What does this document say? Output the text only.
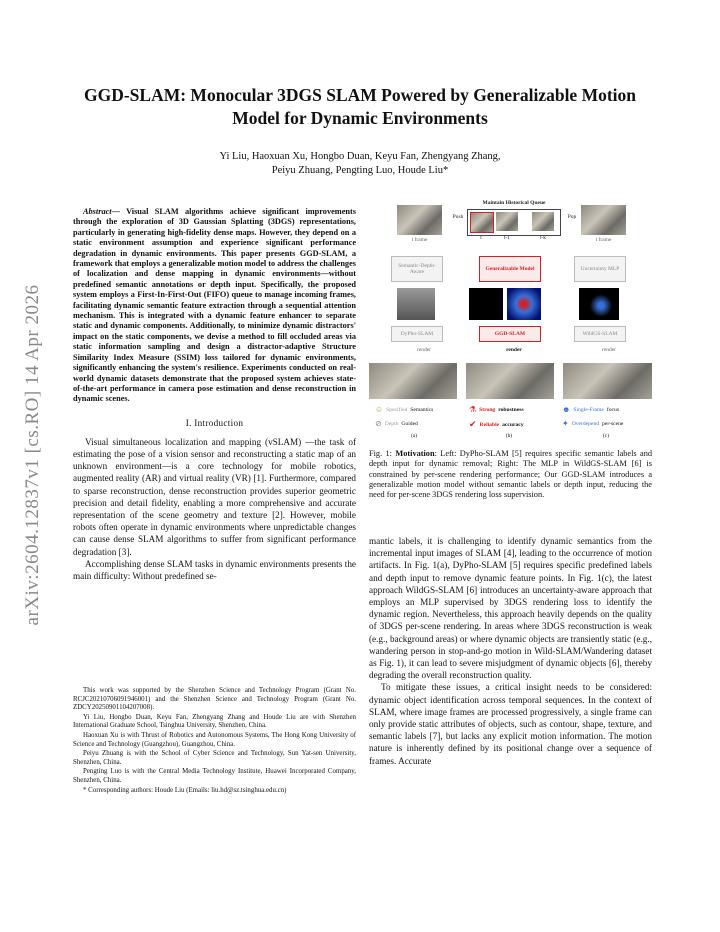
arXiv:2604.12837v1 [cs.RO] 14 Apr 2026
GGD-SLAM: Monocular 3DGS SLAM Powered by Generalizable Motion Model for Dynamic Environments
Yi Liu, Haoxuan Xu, Hongbo Duan, Keyu Fan, Zhengyang Zhang,
Peiyu Zhuang, Pengting Luo, Houde Liu*

Abstract— Visual SLAM algorithms achieve significant improvements through the exploration of 3D Gaussian Splatting (3DGS) representations, particularly in generating high-fidelity dense maps. However, they depend on a static environment assumption and experience significant performance degradation in dynamic environments. This paper presents GGD-SLAM, a framework that employs a generalizable motion model to address the challenges of localization and dense mapping in dynamic environments—without predefined semantic annotations or depth input. Specifically, the proposed system employs a First-In-First-Out (FIFO) queue to manage incoming frames, facilitating dynamic semantic feature extraction through a sequential attention mechanism. This is integrated with a dynamic feature enhancer to separate static and dynamic components. Additionally, to minimize dynamic distractors' impact on the static components, we devise a method to fill occluded areas via static information sampling and design a distractor-adaptive Structure Similarity Index Measure (SSIM) loss tailored for dynamic environments, significantly enhancing the system's resilience. Experiments conducted on real-world dynamic datasets demonstrate that the proposed system achieves state-of-the-art performance in camera pose estimation and dense reconstruction in dynamic scenes.

I. Introduction

Visual simultaneous localization and mapping (vSLAM) —the task of estimating the pose of a vision sensor and reconstructing a static map of an unknown environment—is a core technology for mobile robotics, augmented reality (AR) and virtual reality (VR) [1]. Furthermore, compared to sparse reconstruction, dense reconstruction provides superior geometric precision and detail fidelity, enabling a more comprehensive and accurate representation of the scene geometry and texture [2]. However, mobile robots often operate in dynamic environments where unpredictable changes can cause dense SLAM algorithms to suffer from significant performance degradation [3].

Accomplishing dense SLAM tasks in dynamic environments presents the main difficulty: Without predefined se-

This work was supported by the Shenzhen Science and Technology Program (Grant No. RCJC20210706091946001) and the Shenzhen Science and Technology Program (Grant No. ZDCY20250901104207008).

Yi Liu, Hongbo Duan, Keyu Fan, Zhengyang Zhang and Houde Liu are with Shenzhen International Graduate School, Tsinghua University, Shenzhen, China.

Haoxuan Xu is with Thrust of Robotics and Autonomous Systems, The Hong Kong University of Science and Technology (Guangzhou), Guangzhou, China.

Peiyu Zhuang is with the School of Cyber Science and Technology, Sun Yat-sen University, Shenzhen, China.

Pengting Luo is with the Central Media Technology Institute, Huawei Incorporated Company, Shenzhen, China.

* Corresponding authors: Houde Liu (Emails: liu.hd@sz.tsinghua.edu.cn)

t frame
Maintain Historical Queue
Push	Pop
t	t-1	t-k	t frame
Semantic-Depth-Aware	Generalizable Model	Uncertainty MLP
DyPho-SLAM	GGD-SLAM	WildGS-SLAM
render	render	render
☺ Specified Semantics
⊘ Depth Guided
⚗ Strong robustness
✔ Reliable accuracy
☻ Single-Frame focus
✦ Overdepend per-scene
(a)	(b)	(c)
Fig. 1: Motivation: Left: DyPho-SLAM [5] requires specific semantic labels and depth input for dynamic removal; Right: The MLP in WildGS-SLAM [6] is constrained by per-scene rendering performance; Our GGD-SLAM introduces a generalizable motion model without semantic labels or depth input, reducing the need for per-scene 3DGS rendering loss supervision.

mantic labels, it is challenging to identify dynamic semantics from the incremental input images of SLAM [4], leading to the occurrence of motion artifacts. In Fig. 1(a), DyPho-SLAM [5] requires specific predefined labels and depth input to remove dynamic feature points. In Fig. 1(c), the latest approach WildGS-SLAM [6] introduces an uncertainty-aware approach that employs an MLP supervised by 3DGS rendering loss to identify the dynamic region. Nevertheless, this approach heavily depends on the quality of 3DGS per-scene rendering. In areas where 3DGS reconstruction is weak (e.g., background areas) or where dynamic objects are transiently static (e.g., wandering person in stop-and-go motion in Wild-SLAM/Wandering dataset as Fig. 1), it can lead to severe misjudgment of dynamic objects [6], thereby degrading the overall reconstruction quality.

To mitigate these issues, a critical insight needs to be considered: dynamic object identification across temporal sequences. In the context of SLAM, where image frames are processed progressively, a single frame can only provide static attributes of objects, such as contour, shape, texture, and semantic labels [7], but lacks any explicit motion information. The motion nature is inherently defined by its positional change over a sequence of frames. Accurate
